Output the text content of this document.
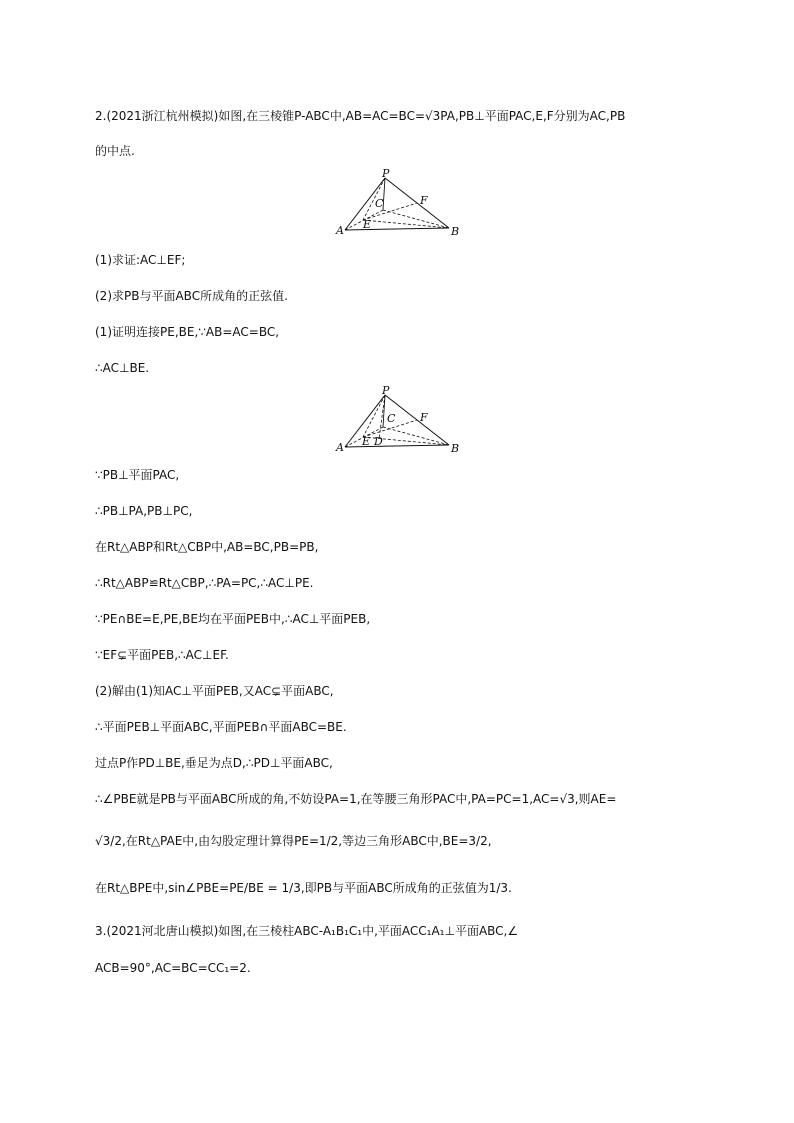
2.(2021浙江杭州模拟)如图,在三棱锥P-ABC中,AB=AC=BC=√3PA,PB⊥平面PAC,E,F分别为AC,PB
的中点.
P
C	F
A E
B
(1)求证:AC⊥EF;
(2)求PB与平面ABC所成角的正弦值.
(1)证明连接PE,BE,∵AB=AC=BC,
∴AC⊥BE.
P
C F
A E D
B
∵PB⊥平面PAC,
∴PB⊥PA,PB⊥PC,
在Rt△ABP和Rt△CBP中,AB=BC,PB=PB,
∴Rt△ABP≌Rt△CBP,∴PA=PC,∴AC⊥PE.
∵PE∩BE=E,PE,BE均在平面PEB中,∴AC⊥平面PEB,
∵EF⊊平面PEB,∴AC⊥EF.
(2)解由(1)知AC⊥平面PEB,又AC⊊平面ABC,
∴平面PEB⊥平面ABC,平面PEB∩平面ABC=BE.
过点P作PD⊥BE,垂足为点D,∴PD⊥平面ABC,
∴∠PBE就是PB与平面ABC所成的角,不妨设PA=1,在等腰三角形PAC中,PA=PC=1,AC=√3,则AE=
√3/2,在Rt△PAE中,由勾股定理计算得PE=1/2,等边三角形ABC中,BE=3/2,
在Rt△BPE中,sin∠PBE=PE/BE = 1/3,即PB与平面ABC所成角的正弦值为1/3.
3.(2021河北唐山模拟)如图,在三棱柱ABC-A₁B₁C₁中,平面ACC₁A₁⊥平面ABC,∠
ACB=90°,AC=BC=CC₁=2.
